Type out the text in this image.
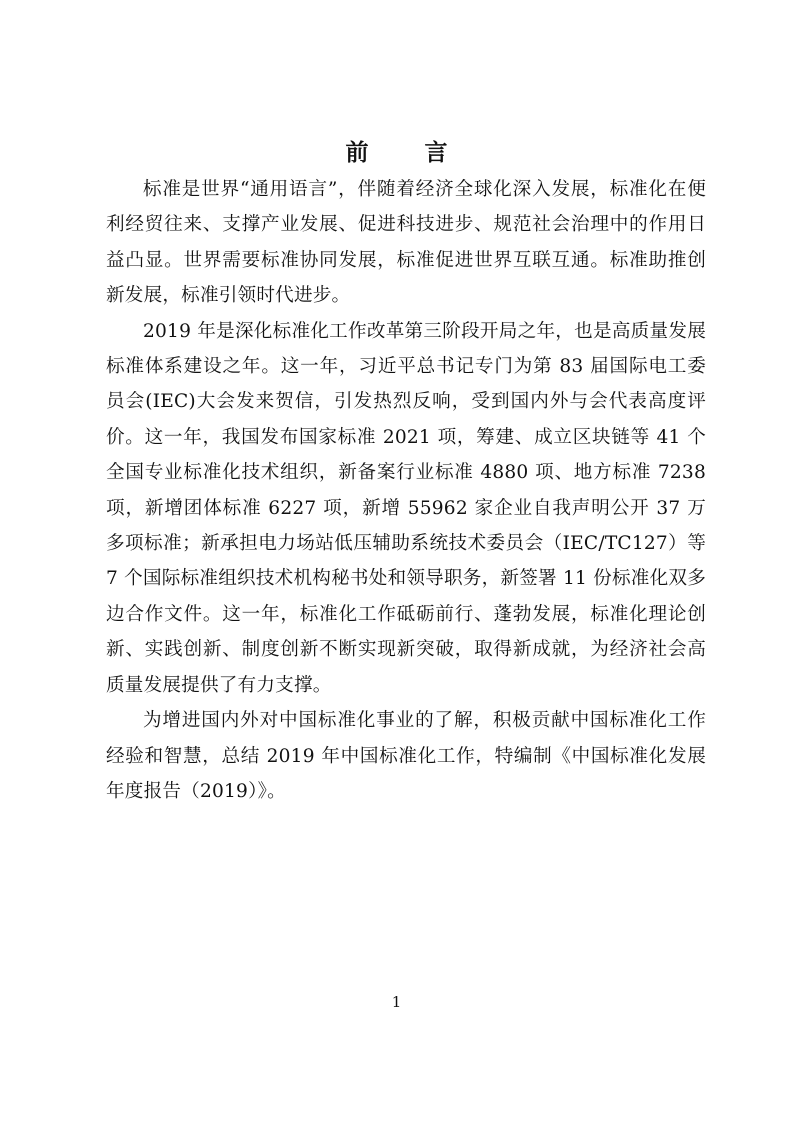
前 言

标准是世界“通用语言”，伴随着经济全球化深入发展，标准化在便利经贸往来、支撑产业发展、促进科技进步、规范社会治理中的作用日益凸显。世界需要标准协同发展，标准促进世界互联互通。标准助推创新发展，标准引领时代进步。

2019 年是深化标准化工作改革第三阶段开局之年，也是高质量发展标准体系建设之年。这一年，习近平总书记专门为第 83 届国际电工委员会(IEC)大会发来贺信，引发热烈反响，受到国内外与会代表高度评价。这一年，我国发布国家标准 2021 项，筹建、成立区块链等 41 个全国专业标准化技术组织，新备案行业标准 4880 项、地方标准 7238 项，新增团体标准 6227 项，新增 55962 家企业自我声明公开 37 万多项标准；新承担电力场站低压辅助系统技术委员会（IEC/TC127）等 7 个国际标准组织技术机构秘书处和领导职务，新签署 11 份标准化双多边合作文件。这一年，标准化工作砥砺前行、蓬勃发展，标准化理论创新、实践创新、制度创新不断实现新突破，取得新成就，为经济社会高质量发展提供了有力支撑。

为增进国内外对中国标准化事业的了解，积极贡献中国标准化工作经验和智慧，总结 2019 年中国标准化工作，特编制《中国标准化发展年度报告（2019）》。

1
